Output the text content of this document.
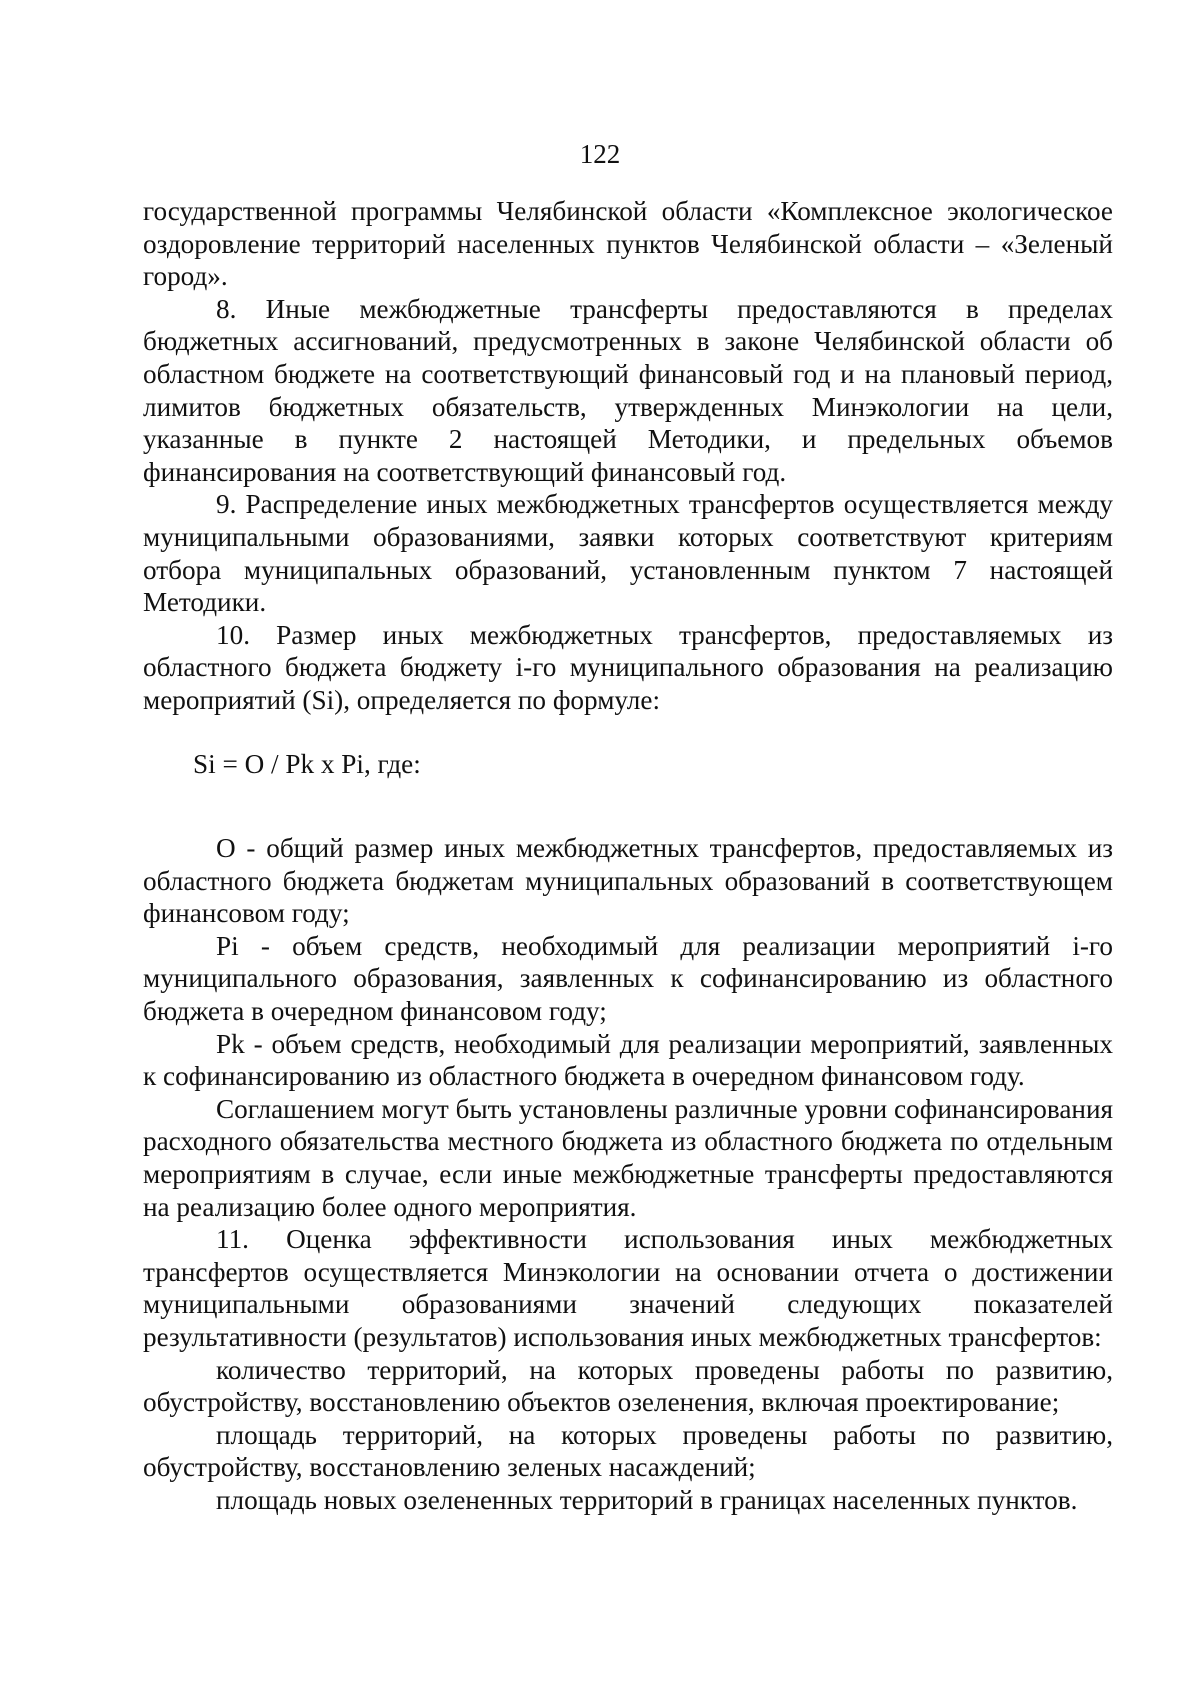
122

государственной программы Челябинской области «Комплексное экологическое оздоровление территорий населенных пунктов Челябинской области – «Зеленый город».

8. Иные межбюджетные трансферты предоставляются в пределах бюджетных ассигнований, предусмотренных в законе Челябинской области об областном бюджете на соответствующий финансовый год и на плановый период, лимитов бюджетных обязательств, утвержденных Минэкологии на цели, указанные в пункте 2 настоящей Методики, и предельных объемов финансирования на соответствующий финансовый год.

9. Распределение иных межбюджетных трансфертов осуществляется между муниципальными образованиями, заявки которых соответствуют критериям отбора муниципальных образований, установленным пунктом 7 настоящей Методики.

10. Размер иных межбюджетных трансфертов, предоставляемых из областного бюджета бюджету i-го муниципального образования на реализацию мероприятий (Si), определяется по формуле:

Si = О / Pk x Pi, где:

О - общий размер иных межбюджетных трансфертов, предоставляемых из областного бюджета бюджетам муниципальных образований в соответствующем финансовом году;

Pi - объем средств, необходимый для реализации мероприятий i-го муниципального образования, заявленных к софинансированию из областного бюджета в очередном финансовом году;

Pk - объем средств, необходимый для реализации мероприятий, заявленных к софинансированию из областного бюджета в очередном финансовом году.

Соглашением могут быть установлены различные уровни софинансирования расходного обязательства местного бюджета из областного бюджета по отдельным мероприятиям в случае, если иные межбюджетные трансферты предоставляются на реализацию более одного мероприятия.

11. Оценка эффективности использования иных межбюджетных трансфертов осуществляется Минэкологии на основании отчета о достижении муниципальными образованиями значений следующих показателей результативности (результатов) использования иных межбюджетных трансфертов:

количество территорий, на которых проведены работы по развитию, обустройству, восстановлению объектов озеленения, включая проектирование;

площадь территорий, на которых проведены работы по развитию, обустройству, восстановлению зеленых насаждений;

площадь новых озелененных территорий в границах населенных пунктов.
